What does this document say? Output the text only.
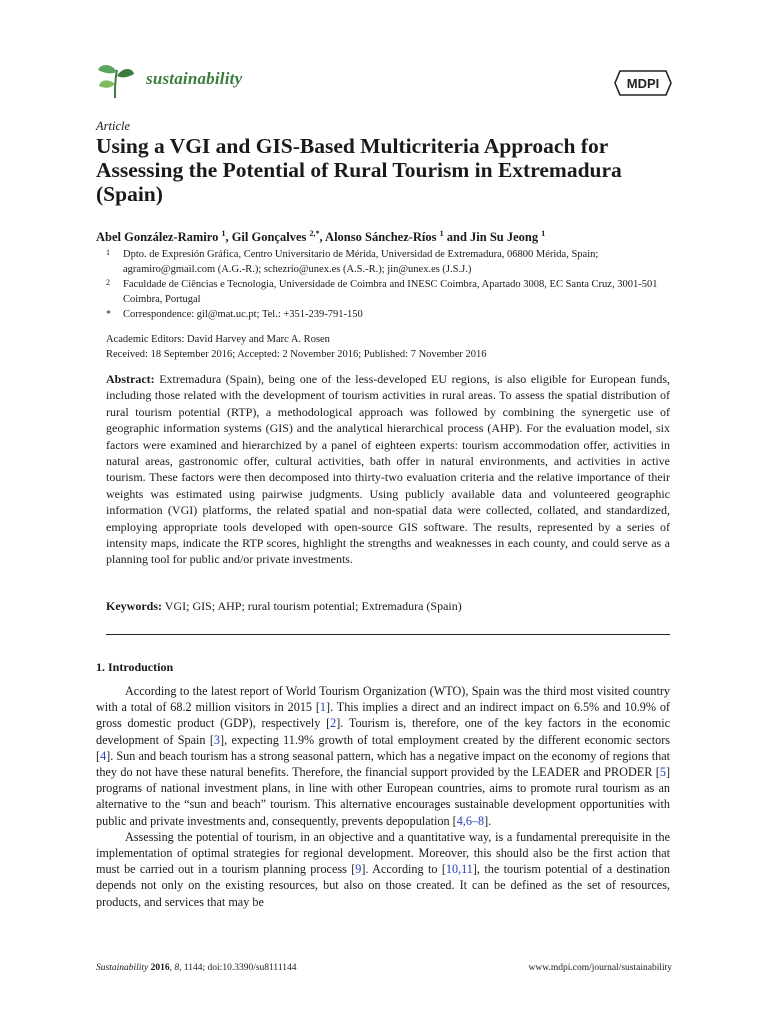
sustainability	MDPI
Article
Using a VGI and GIS-Based Multicriteria Approach for Assessing the Potential of Rural Tourism in Extremadura (Spain)
Abel González-Ramiro $^1$, Gil Gonçalves $^{2,*}$, Alonso Sánchez-Ríos $^1$ and Jin Su Jeong $^1$
1 Dpto. de Expresión Gráfica, Centro Universitario de Mérida, Universidad de Extremadura, 06800 Mérida, Spain; agramiro@gmail.com (A.G.-R.); schezrio@unex.es (A.S.-R.); jin@unex.es (J.S.J.)
2 Faculdade de Ciências e Tecnologia, Universidade de Coimbra and INESC Coimbra, Apartado 3008, EC Santa Cruz, 3001-501 Coimbra, Portugal
* Correspondence: gil@mat.uc.pt; Tel.: +351-239-791-150
Academic Editors: David Harvey and Marc A. Rosen
Received: 18 September 2016; Accepted: 2 November 2016; Published: 7 November 2016

Abstract: Extremadura (Spain), being one of the less-developed EU regions, is also eligible for European funds, including those related with the development of tourism activities in rural areas. To assess the spatial distribution of rural tourism potential (RTP), a methodological approach was followed by combining the synergetic use of geographic information systems (GIS) and the analytical hierarchical process (AHP). For the evaluation model, six factors were examined and hierarchized by a panel of eighteen experts: tourism accommodation offer, activities in natural areas, gastronomic offer, cultural activities, bath offer in natural environments, and activities in active tourism. These factors were then decomposed into thirty-two evaluation criteria and the relative importance of their weights was estimated using pairwise judgments. Using publicly available data and volunteered geographic information (VGI) platforms, the related spatial and non-spatial data were collected, collated, and standardized, employing appropriate tools developed with open-source GIS software. The results, represented by a series of intensity maps, indicate the RTP scores, highlight the strengths and weaknesses in each county, and could serve as a planning tool for public and/or private investments.

Keywords: VGI; GIS; AHP; rural tourism potential; Extremadura (Spain)

1. Introduction

According to the latest report of World Tourism Organization (WTO), Spain was the third most visited country with a total of 68.2 million visitors in 2015 [1]. This implies a direct and an indirect impact on 6.5% and 10.9% of gross domestic product (GDP), respectively [2]. Tourism is, therefore, one of the key factors in the economic development of Spain [3], expecting 11.9% growth of total employment created by the different economic sectors [4]. Sun and beach tourism has a strong seasonal pattern, which has a negative impact on the economy of regions that they do not have these natural benefits. Therefore, the financial support provided by the LEADER and PRODER [5] programs of national investment plans, in line with other European countries, aims to promote rural tourism as an alternative to the “sun and beach” tourism. This alternative encourages sustainable development opportunities with public and private investments and, consequently, prevents depopulation [4,6–8].

Assessing the potential of tourism, in an objective and a quantitative way, is a fundamental prerequisite in the implementation of optimal strategies for regional development. Moreover, this should also be the first action that must be carried out in a tourism planning process [9]. According to [10,11], the tourism potential of a destination depends not only on the existing resources, but also on those created. It can be defined as the set of resources, products, and services that may be

Sustainability 2016, 8, 1144; doi:10.3390/su8111144	www.mdpi.com/journal/sustainability
